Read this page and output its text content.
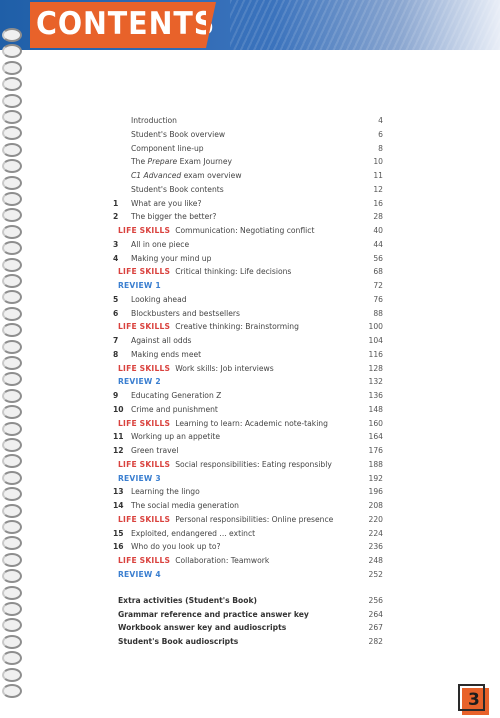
CONTENTS
Introduction	4
Student's Book overview	6
Component line-up	8
The Prepare Exam Journey	10
C1 Advanced exam overview	11
Student's Book contents	12
1 What are you like?	16
2 The bigger the better?	28
LIFE SKILLS Communication: Negotiating conflict	40
3 All in one piece	44
4 Making your mind up	56
LIFE SKILLS Critical thinking: Life decisions	68
REVIEW 1	72
5 Looking ahead	76
6 Blockbusters and bestsellers	88
LIFE SKILLS Creative thinking: Brainstorming	100
7 Against all odds	104
8 Making ends meet	116
LIFE SKILLS Work skills: Job interviews	128
REVIEW 2	132
9 Educating Generation Z	136
10 Crime and punishment	148
LIFE SKILLS Learning to learn: Academic note-taking	160
11 Working up an appetite	164
12 Green travel	176
LIFE SKILLS Social responsibilities: Eating responsibly	188
REVIEW 3	192
13 Learning the lingo	196
14 The social media generation	208
LIFE SKILLS Personal responsibilities: Online presence	220
15 Exploited, endangered ... extinct	224
16 Who do you look up to?	236
LIFE SKILLS Collaboration: Teamwork	248
REVIEW 4	252
Extra activities (Student's Book)	256
Grammar reference and practice answer key	264
Workbook answer key and audioscripts	267
Student's Book audioscripts	282
3
